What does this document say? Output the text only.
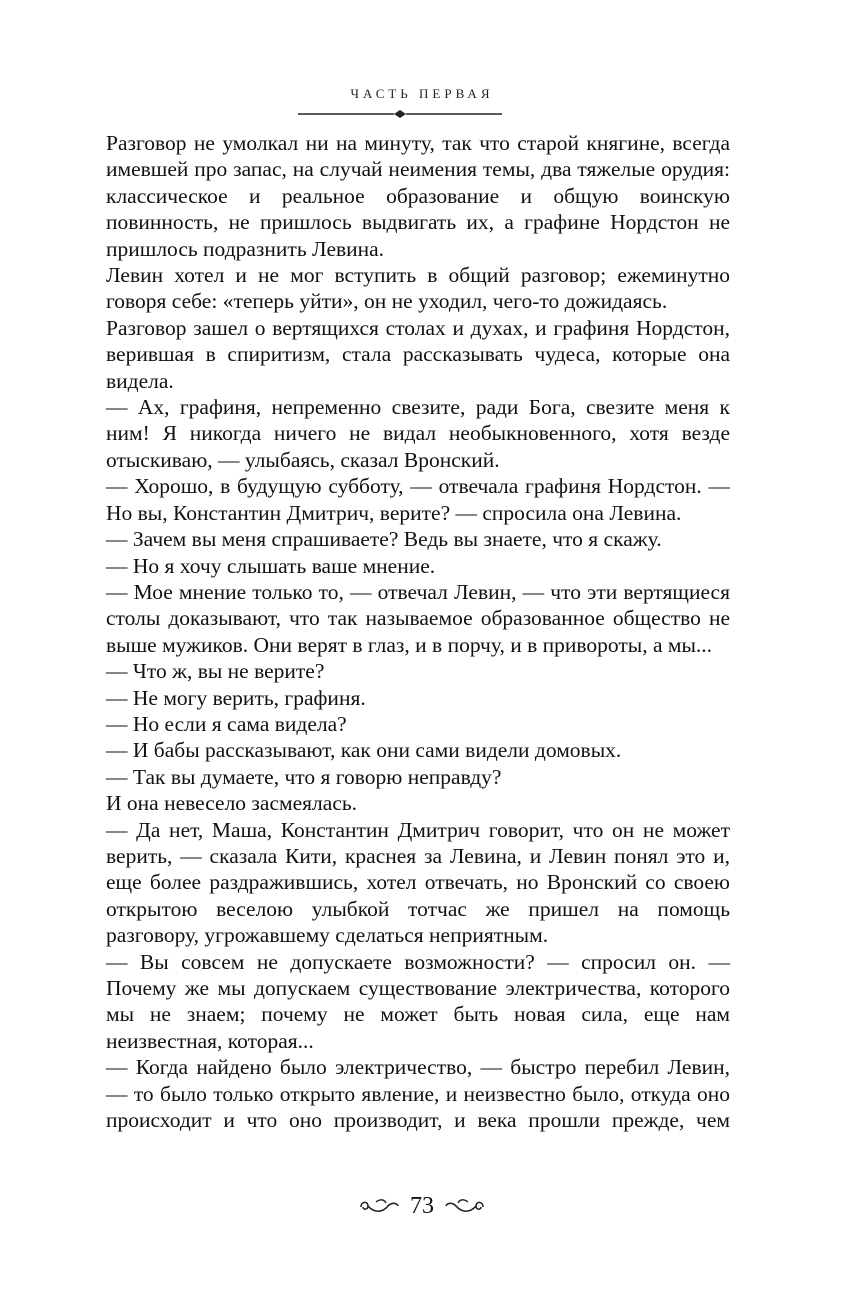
ЧАСТЬ ПЕРВАЯ

Разговор не умолкал ни на минуту, так что старой княгине, всегда имевшей про запас, на случай неимения темы, два тяжелые орудия: классическое и реальное образование и общую воинскую повинность, не пришлось выдвигать их, а графине Нордстон не пришлось подразнить Левина.

Левин хотел и не мог вступить в общий разговор; ежеминутно говоря себе: «теперь уйти», он не уходил, чего-то дожидаясь.

Разговор зашел о вертящихся столах и духах, и графиня Нордстон, верившая в спиритизм, стала рассказывать чудеса, которые она видела.

— Ах, графиня, непременно свезите, ради Бога, свезите меня к ним! Я никогда ничего не видал необыкновенного, хотя везде отыскиваю, — улыбаясь, сказал Вронский.

— Хорошо, в будущую субботу, — отвечала графиня Нордстон. — Но вы, Константин Дмитрич, верите? — спросила она Левина.

— Зачем вы меня спрашиваете? Ведь вы знаете, что я скажу.

— Но я хочу слышать ваше мнение.

— Мое мнение только то, — отвечал Левин, — что эти вертящиеся столы доказывают, что так называемое образованное общество не выше мужиков. Они верят в глаз, и в порчу, и в привороты, а мы...

— Что ж, вы не верите?

— Не могу верить, графиня.

— Но если я сама видела?

— И бабы рассказывают, как они сами видели домовых.

— Так вы думаете, что я говорю неправду?

И она невесело засмеялась.

— Да нет, Маша, Константин Дмитрич говорит, что он не может верить, — сказала Кити, краснея за Левина, и Левин понял это и, еще более раздражившись, хотел отвечать, но Вронский со своею открытою веселою улыбкой тотчас же пришел на помощь разговору, угрожавшему сделаться неприятным.

— Вы совсем не допускаете возможности? — спросил он. — Почему же мы допускаем существование электричества, которого мы не знаем; почему не может быть новая сила, еще нам неизвестная, которая...

— Когда найдено было электричество, — быстро перебил Левин, — то было только открыто явление, и неизвестно было, откуда оно происходит и что оно производит, и века прошли прежде, чем

73
